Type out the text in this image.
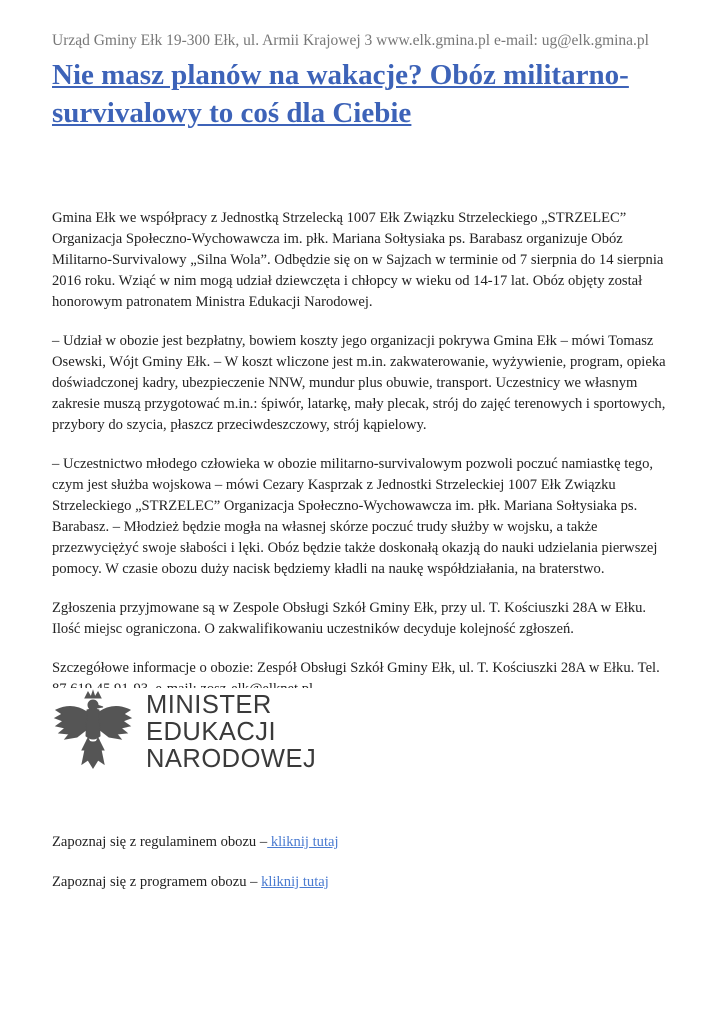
Urząd Gminy Ełk 19-300 Ełk, ul. Armii Krajowej 3 www.elk.gmina.pl e-mail: ug@elk.gmina.pl
Nie masz planów na wakacje? Obóz militarno-survivalowy to coś dla Ciebie

Gmina Ełk we współpracy z Jednostką Strzelecką 1007 Ełk Związku Strzeleckiego „STRZELEC” Organizacja Społeczno-Wychowawcza im. płk. Mariana Sołtysiaka ps. Barabasz organizuje Obóz Militarno-Survivalowy „Silna Wola”. Odbędzie się on w Sajzach w terminie od 7 sierpnia do 14 sierpnia 2016 roku. Wziąć w nim mogą udział dziewczęta i chłopcy w wieku od 14-17 lat. Obóz objęty został honorowym patronatem Ministra Edukacji Narodowej.

– Udział w obozie jest bezpłatny, bowiem koszty jego organizacji pokrywa Gmina Ełk – mówi Tomasz Osewski, Wójt Gminy Ełk. – W koszt wliczone jest m.in. zakwaterowanie, wyżywienie, program, opieka doświadczonej kadry, ubezpieczenie NNW, mundur plus obuwie, transport. Uczestnicy we własnym zakresie muszą przygotować m.in.: śpiwór, latarkę, mały plecak, strój do zajęć terenowych i sportowych, przybory do szycia, płaszcz przeciwdeszczowy, strój kąpielowy.

– Uczestnictwo młodego człowieka w obozie militarno-survivalowym pozwoli poczuć namiastkę tego, czym jest służba wojskowa – mówi Cezary Kasprzak z Jednostki Strzeleckiej 1007 Ełk Związku Strzeleckiego „STRZELEC” Organizacja Społeczno-Wychowawcza im. płk. Mariana Sołtysiaka ps. Barabasz. – Młodzież będzie mogła na własnej skórze poczuć trudy służby w wojsku, a także przezwyciężyć swoje słabości i lęki. Obóz będzie także doskonałą okazją do nauki udzielania pierwszej pomocy. W czasie obozu duży nacisk będziemy kładli na naukę współdziałania, na braterstwo.

Zgłoszenia przyjmowane są w Zespole Obsługi Szkół Gminy Ełk, przy ul. T. Kościuszki 28A w Ełku. Ilość miejsc ograniczona. O zakwalifikowaniu uczestników decyduje kolejność zgłoszeń.

Szczegółowe informacje o obozie: Zespół Obsługi Szkół Gminy Ełk, ul. T. Kościuszki 28A w Ełku. Tel.

MINISTER
EDUKACJI
NARODOWEJ
Zapoznaj się z regulaminem obozu – kliknij tutaj
Zapoznaj się z programem obozu – kliknij tutaj
